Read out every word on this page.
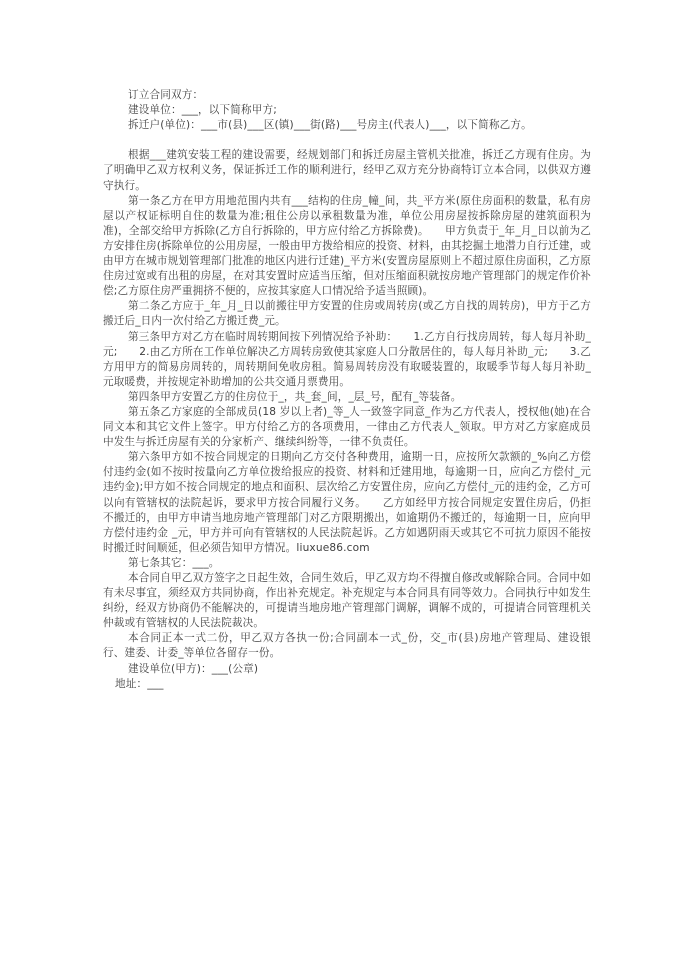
订立合同双方：

建设单位：___，以下简称甲方;

拆迁户(单位)：___市(县)___区(镇)___街(路)___号房主(代表人)___，以下简称乙方。

根据___建筑安装工程的建设需要，经规划部门和拆迁房屋主管机关批准，拆迁乙方现有住房。为了明确甲乙双方权利义务，保证拆迁工作的顺利进行，经甲乙双方充分协商特订立本合同，以供双方遵守执行。

第一条乙方在甲方用地范围内共有___结构的住房_幢_间，共_平方米(原住房面积的数量，私有房屋以产权证标明自住的数量为准;租住公房以承租数量为准，单位公用房屋按拆除房屋的建筑面积为准)，全部交给甲方拆除(乙方自行拆除的，甲方应付给乙方拆除费)。　　甲方负责于_年_月_日以前为乙方安排住房(拆除单位的公用房屋，一般由甲方拨给相应的投资、材料，由其挖掘土地潜力自行迁建，或由甲方在城市规划管理部门批准的地区内进行迁建)_平方米(安置房屋原则上不超过原住房面积，乙方原住房过宽或有出租的房屋，在对其安置时应适当压缩，但对压缩面积就按房地产管理部门的规定作价补偿;乙方原住房严重拥挤不便的，应按其家庭人口情况给予适当照顾)。

第二条乙方应于_年_月_日以前搬往甲方安置的住房或周转房(或乙方自找的周转房)，甲方于乙方搬迁后_日内一次付给乙方搬迁费_元。

第三条甲方对乙方在临时周转期间按下列情况给予补助：　　1.乙方自行找房周转，每人每月补助_元;　　2.由乙方所在工作单位解决乙方周转房致使其家庭人口分散居住的，每人每月补助_元;　　3.乙方用甲方的简易房周转的，周转期间免收房租。简易周转房没有取暖装置的，取暖季节每人每月补助_元取暖费，并按规定补助增加的公共交通月票费用。

第四条甲方安置乙方的住房位于_，共_套_间，_层_号，配有_等装备。

第五条乙方家庭的全部成员(18 岁以上者)_等_人一致签字同意_作为乙方代表人，授权他(她)在合同文本和其它文件上签字。甲方付给乙方的各项费用，一律由乙方代表人_领取。甲方对乙方家庭成员中发生与拆迁房屋有关的分家析产、继续纠纷等，一律不负责任。

第六条甲方如不按合同规定的日期向乙方交付各种费用，逾期一日，应按所欠款额的_%向乙方偿付违约金(如不按时按量向乙方单位拨给报应的投资、材料和迁建用地，每逾期一日，应向乙方偿付_元违约金);甲方如不按合同规定的地点和面积、层次给乙方安置住房，应向乙方偿付_元的违约金，乙方可以向有管辖权的法院起诉，要求甲方按合同履行义务。　　乙方如经甲方按合同规定安置住房后，仍拒不搬迁的，由甲方申请当地房地产管理部门对乙方限期搬出，如逾期仍不搬迁的，每逾期一日，应向甲方偿付违约金 _元，甲方并可向有管辖权的人民法院起诉。乙方如遇阴雨天或其它不可抗力原因不能按时搬迁时间顺延，但必须告知甲方情况。liuxue86.com

第七条其它：___。

本合同自甲乙双方签字之日起生效，合同生效后，甲乙双方均不得擅自修改或解除合同。合同中如有未尽事宜，须经双方共同协商，作出补充规定。补充规定与本合同具有同等效力。合同执行中如发生纠纷，经双方协商仍不能解决的，可提请当地房地产管理部门调解，调解不成的，可提请合同管理机关仲裁或有管辖权的人民法院裁决。

本合同正本一式二份，甲乙双方各执一份;合同副本一式_份，交_市(县)房地产管理局、建设银行、建委、计委_等单位各留存一份。

建设单位(甲方)：___(公章)

地址：___
